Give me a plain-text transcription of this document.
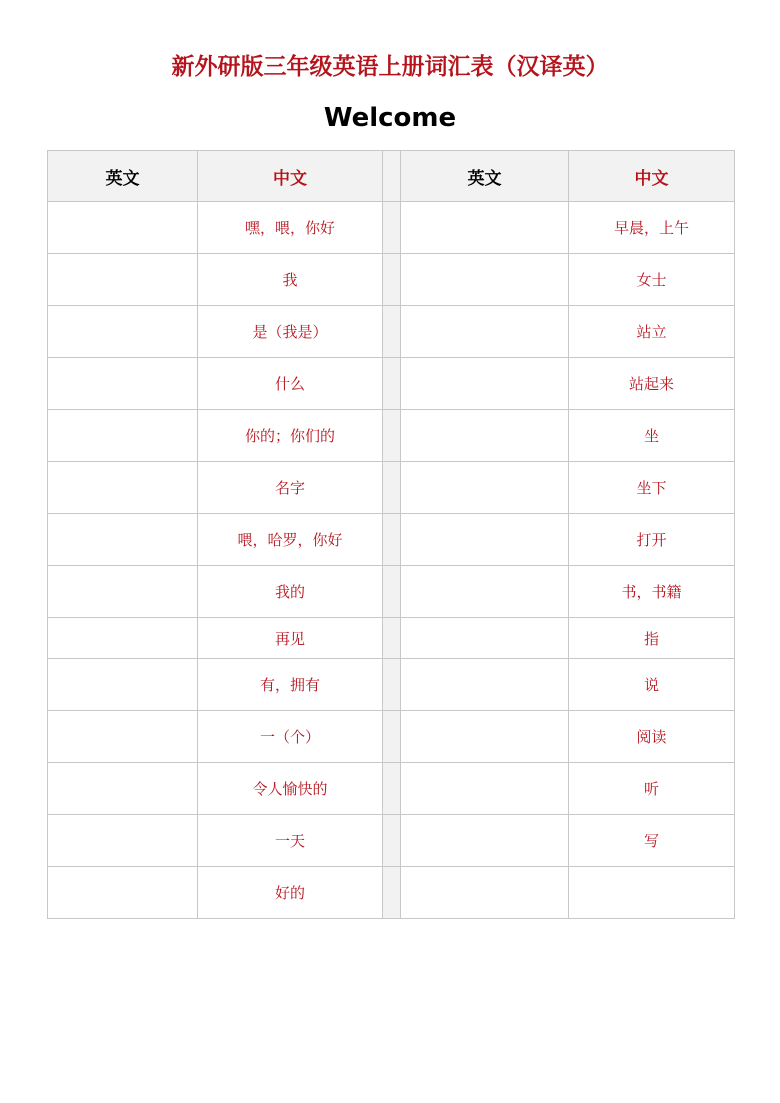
新外研版三年级英语上册词汇表（汉译英）
Welcome
英文	中文		英文	中文
	嘿，喂，你好			早晨，上午
	我			女士
	是（我是）			站立
	什么			站起来
	你的；你们的			坐
	名字			坐下
	喂，哈罗，你好			打开
	我的			书，书籍
	再见			指
	有，拥有			说
	一（个）			阅读
	令人愉快的			听
	一天			写
	好的			
